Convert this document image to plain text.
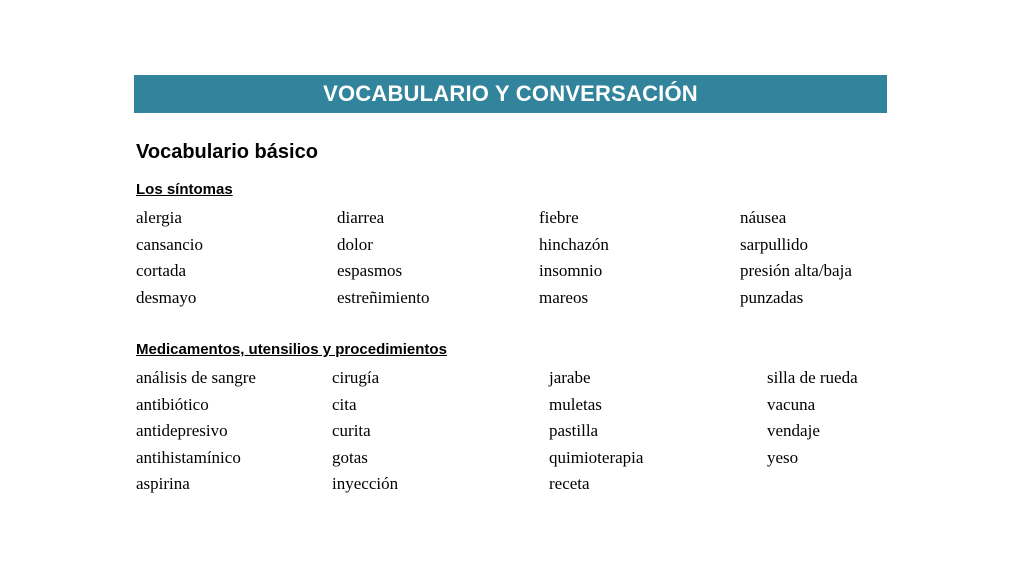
VOCABULARIO Y CONVERSACIÓN
Vocabulario básico
Los síntomas
alergia
cansancio
cortada
desmayo
diarrea
dolor
espasmos
estreñimiento
fiebre
hinchazón
insomnio
mareos
náusea
sarpullido
presión alta/baja
punzadas
Medicamentos, utensilios y procedimientos
análisis de sangre
antibiótico
antidepresivo
antihistamínico
aspirina
cirugía
cita
curita
gotas
inyección
jarabe
muletas
pastilla
quimioterapia
receta
silla de rueda
vacuna
vendaje
yeso
